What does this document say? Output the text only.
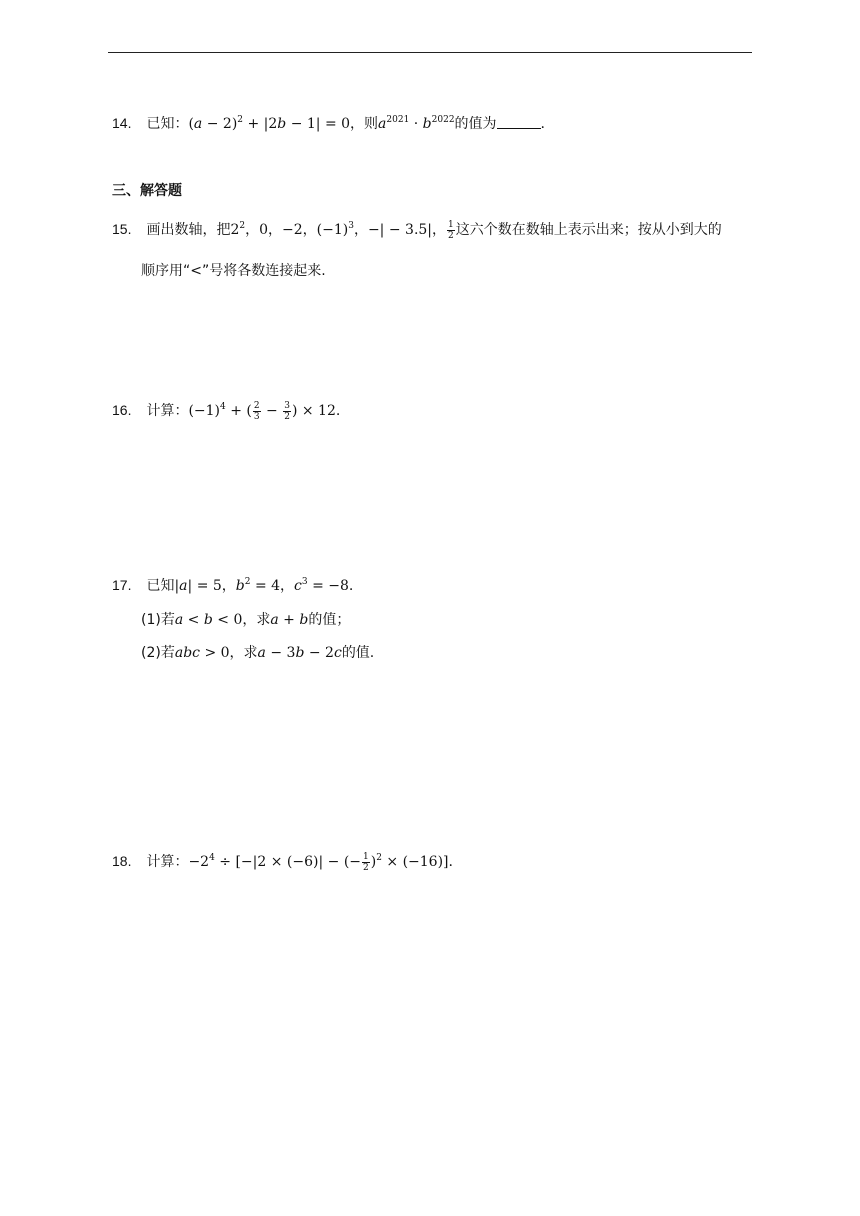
14. 已知：$(a - 2)^2 + |2b - 1| = 0$，则$a^{2021} \cdot b^{2022}$的值为	.
三、解答题
15. 画出数轴，把$2^2$，0，−2，$(-1)^3$，−| − 3.5|， $\frac{1}{2}$ 这六个数在数轴上表示出来；按从小到大的
顺序用“<”号将各数连接起来.
16. 计算：$(-1)^4$ + ( $\frac{2}{3} - \frac{3}{2}$ ) × 12.
17. 已知|a| = 5，$b^2 = 4$，$c^3 = -8$.
(1)若a < b < 0，求a + b的值；
(2)若abc > 0，求a − 3b − 2c的值.
18. 计算：$-2^4 \div [-|2 \times (-6)|$ − (− $\frac{1}{2} )^2 \times (-16)$].
